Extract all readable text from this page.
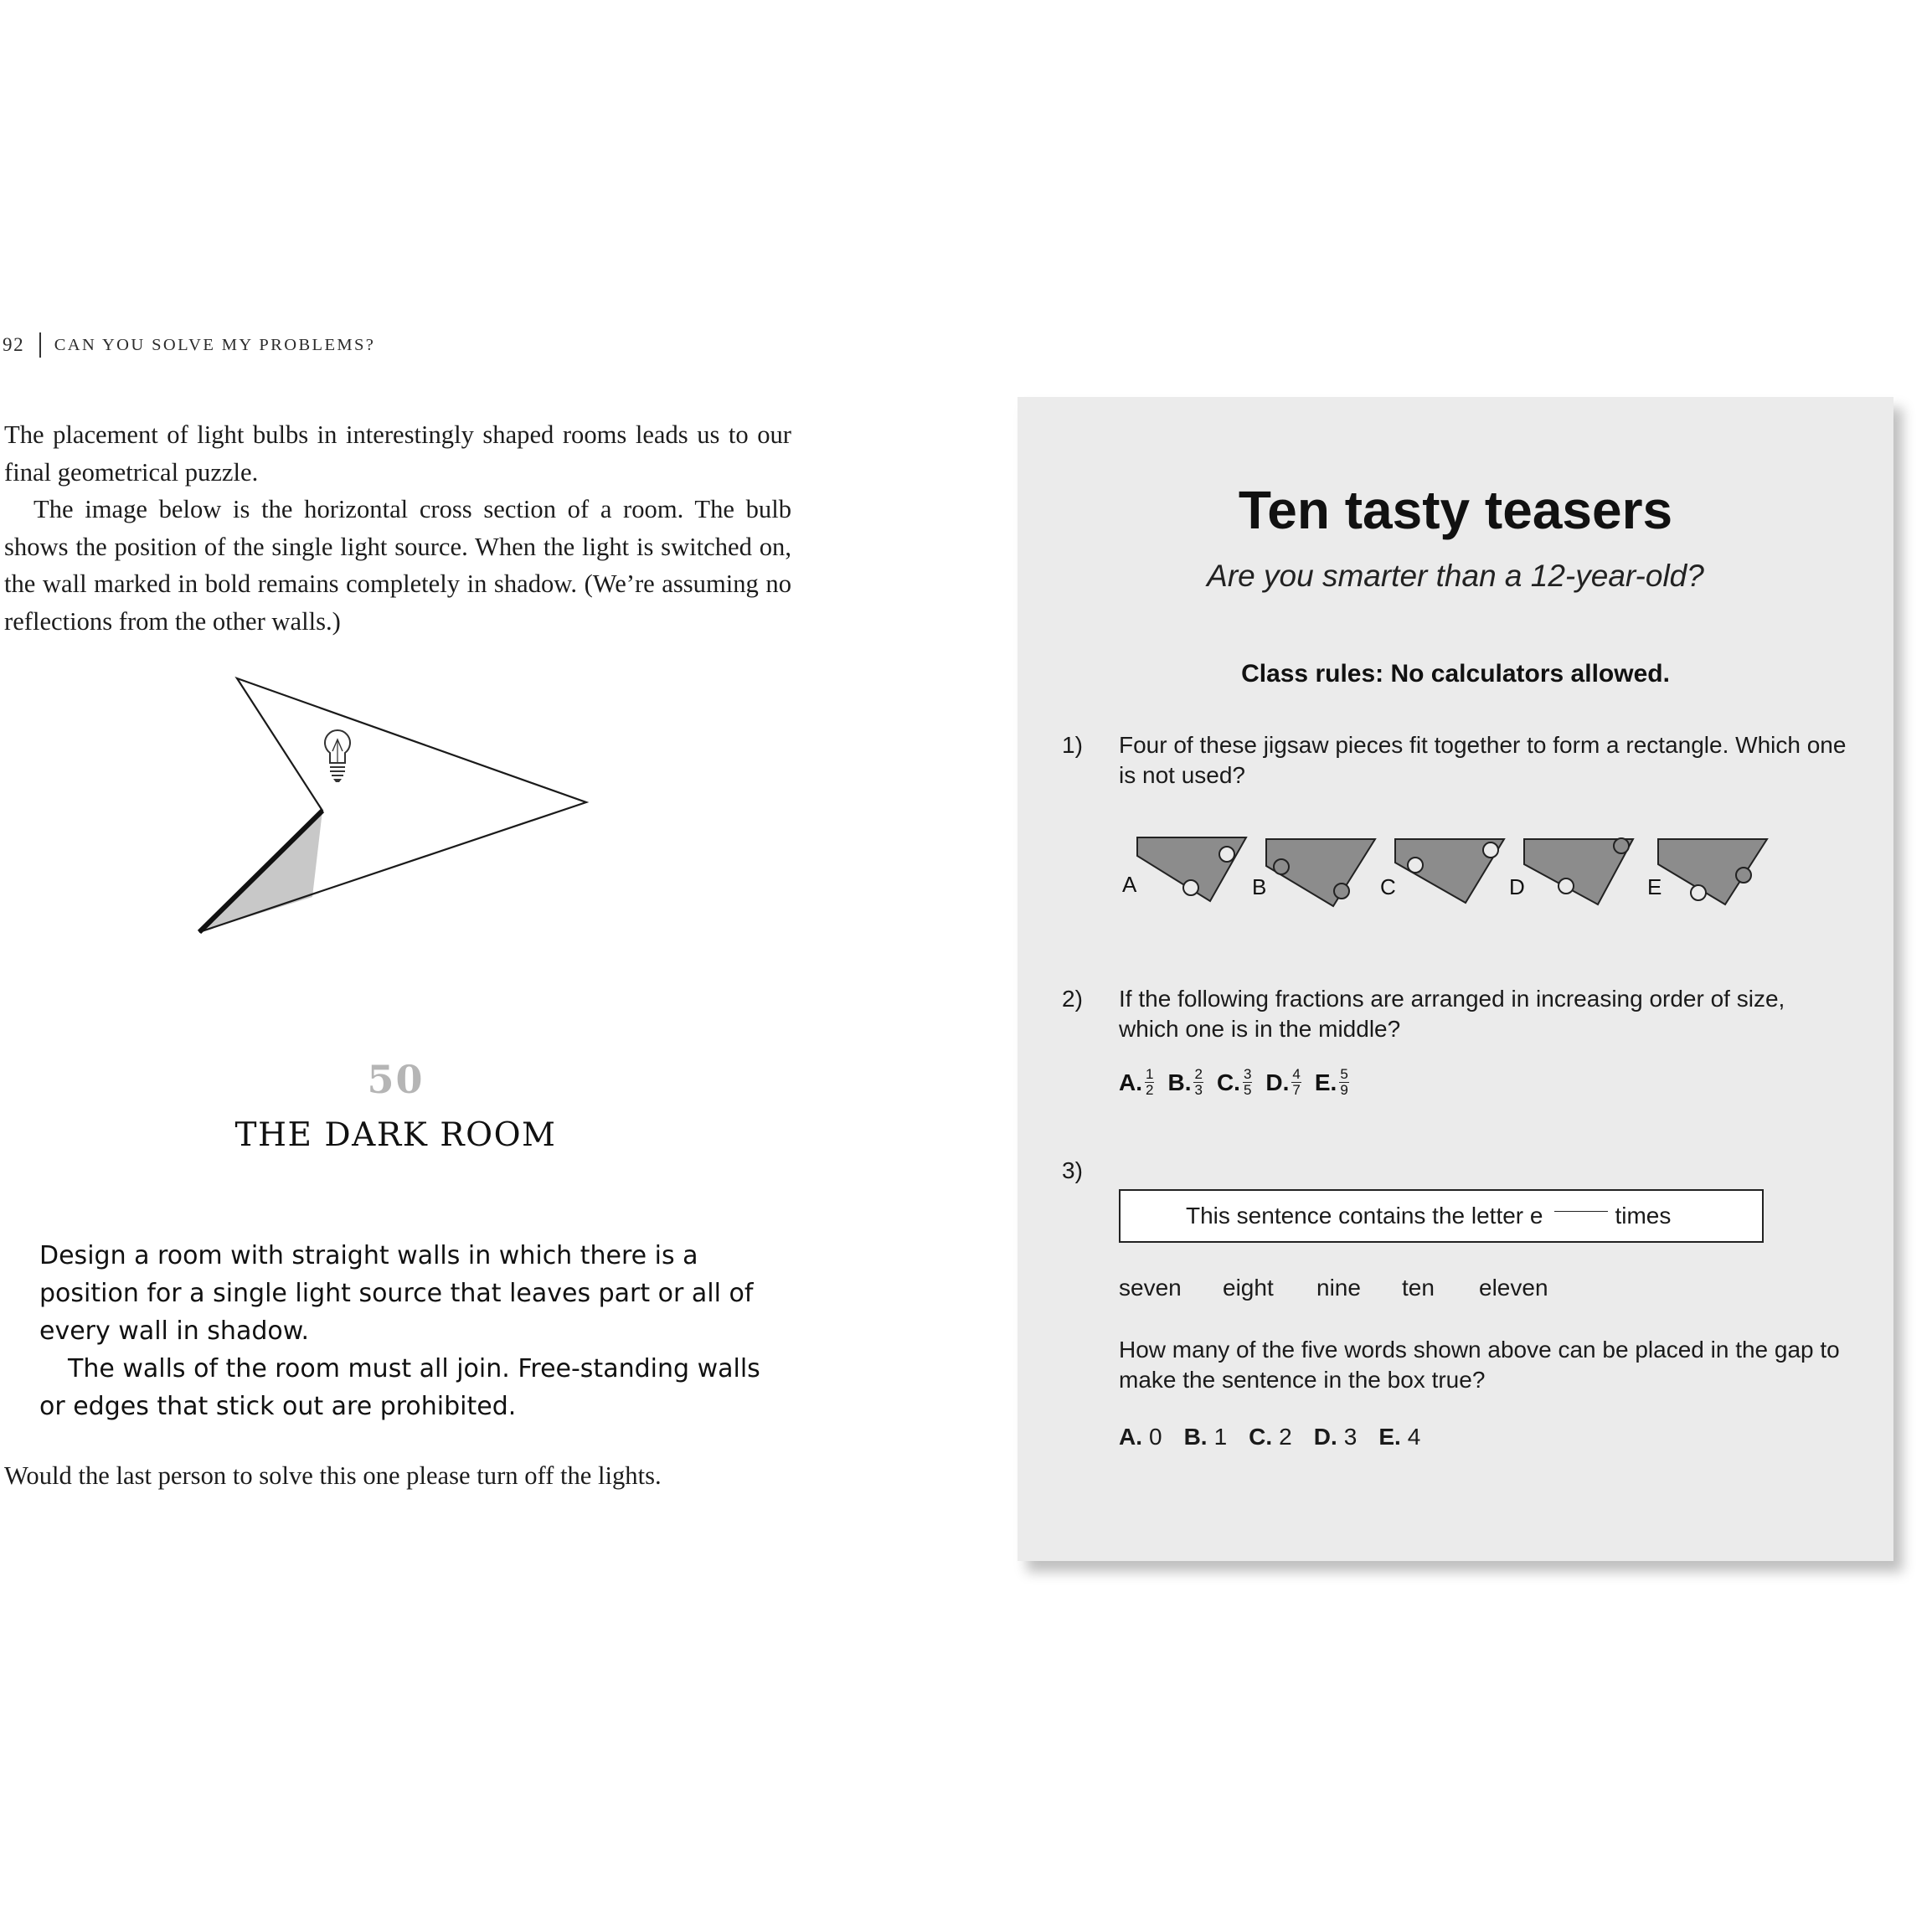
92 CAN YOU SOLVE MY PROBLEMS?

The placement of light bulbs in interestingly shaped rooms leads us to our final geometrical puzzle.

The image below is the horizontal cross section of a room. The bulb shows the position of the single light source. When the light is switched on, the wall marked in bold remains completely in shadow. (We’re assuming no reflections from the other walls.)

50
THE DARK ROOM

Design a room with straight walls in which there is a position for a single light source that leaves part or all of every wall in shadow.

The walls of the room must all join. Free-standing walls or edges that stick out are prohibited.

Would the last person to solve this one please turn off the lights.
Ten tasty teasers
Are you smarter than a 12-year-old?
Class rules: No calculators allowed.
1) Four of these jigsaw pieces fit together to form a rectangle. Which one is not used?
A	B	C	D	E
2) If the following fractions are arranged in increasing order of size, which one is in the middle?
A. $\frac{1}{2} B$. $\frac{2}{3} C$. $\frac{3}{5} D$. $\frac{4}{7} E$. $\frac{5}{9}$
3)
This sentence contains the letter e	times
seven eight nine ten eleven
How many of the five words shown above can be placed in the gap to make the sentence in the box true?
A. 0 B. 1 C. 2 D. 3 E. 4
